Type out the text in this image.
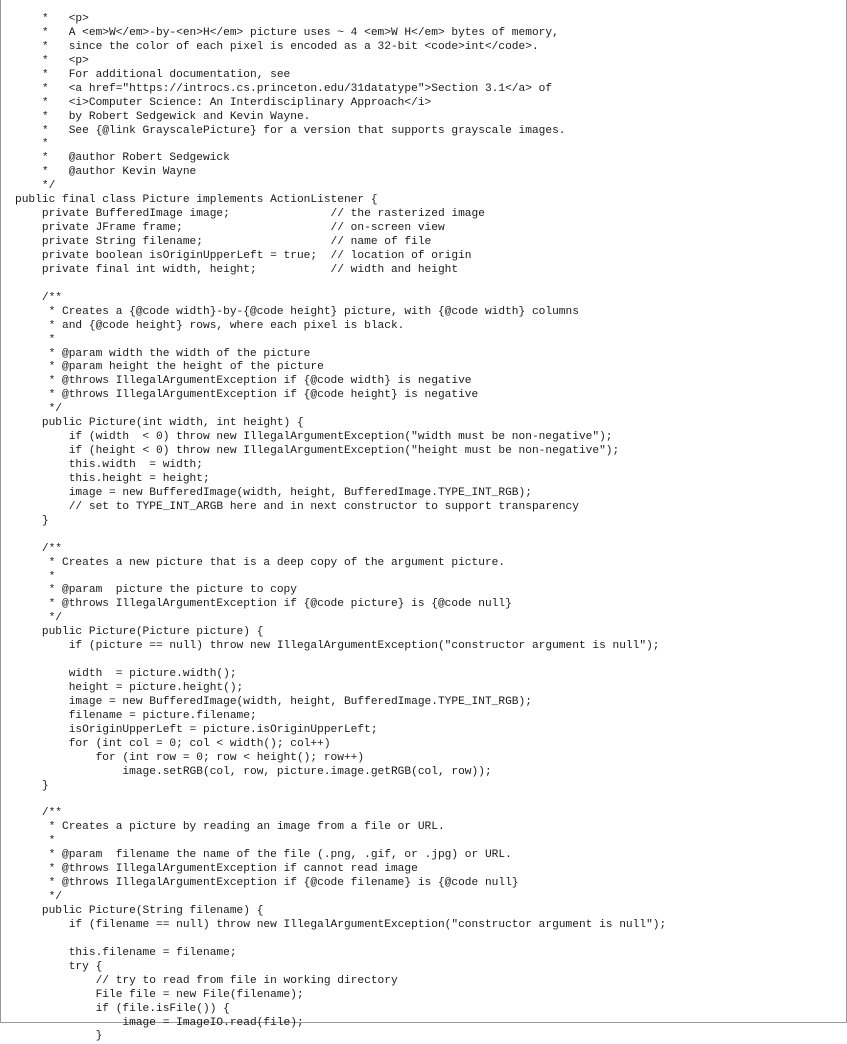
*   <p>
*   A <em>W</em>-by-<en>H</em> picture uses ~ 4 <em>W H</em> bytes of memory,
*   since the color of each pixel is encoded as a 32-bit <code>int</code>.
*   <p>
*   For additional documentation, see
*   <a href="https://introcs.cs.princeton.edu/31datatype">Section 3.1</a> of
*   <i>Computer Science: An Interdisciplinary Approach</i>
*   by Robert Sedgewick and Kevin Wayne.
*   See {@link GrayscalePicture} for a version that supports grayscale images.
*
*   @author Robert Sedgewick
*   @author Kevin Wayne
*/
public final class Picture implements ActionListener {
private BufferedImage image;               // the rasterized image
private JFrame frame;                      // on-screen view
private String filename;                   // name of file
private boolean isOriginUpperLeft = true;  // location of origin
private final int width, height;           // width and height
/**
* Creates a {@code width}-by-{@code height} picture, with {@code width} columns
* and {@code height} rows, where each pixel is black.
*
* @param width the width of the picture
* @param height the height of the picture
* @throws IllegalArgumentException if {@code width} is negative
* @throws IllegalArgumentException if {@code height} is negative
*/
public Picture(int width, int height) {
if (width  < 0) throw new IllegalArgumentException("width must be non-negative");
if (height < 0) throw new IllegalArgumentException("height must be non-negative");
this.width  = width;
this.height = height;
image = new BufferedImage(width, height, BufferedImage.TYPE_INT_RGB);
// set to TYPE_INT_ARGB here and in next constructor to support transparency
}
/**
* Creates a new picture that is a deep copy of the argument picture.
*
* @param  picture the picture to copy
* @throws IllegalArgumentException if {@code picture} is {@code null}
*/
public Picture(Picture picture) {
if (picture == null) throw new IllegalArgumentException("constructor argument is null");
width  = picture.width();
height = picture.height();
image = new BufferedImage(width, height, BufferedImage.TYPE_INT_RGB);
filename = picture.filename;
isOriginUpperLeft = picture.isOriginUpperLeft;
for (int col = 0; col < width(); col++)
for (int row = 0; row < height(); row++)
image.setRGB(col, row, picture.image.getRGB(col, row));
}
/**
* Creates a picture by reading an image from a file or URL.
*
* @param  filename the name of the file (.png, .gif, or .jpg) or URL.
* @throws IllegalArgumentException if cannot read image
* @throws IllegalArgumentException if {@code filename} is {@code null}
*/
public Picture(String filename) {
if (filename == null) throw new IllegalArgumentException("constructor argument is null");
this.filename = filename;
try {
// try to read from file in working directory
File file = new File(filename);
if (file.isFile()) {
image = ImageIO.read(file);
}
